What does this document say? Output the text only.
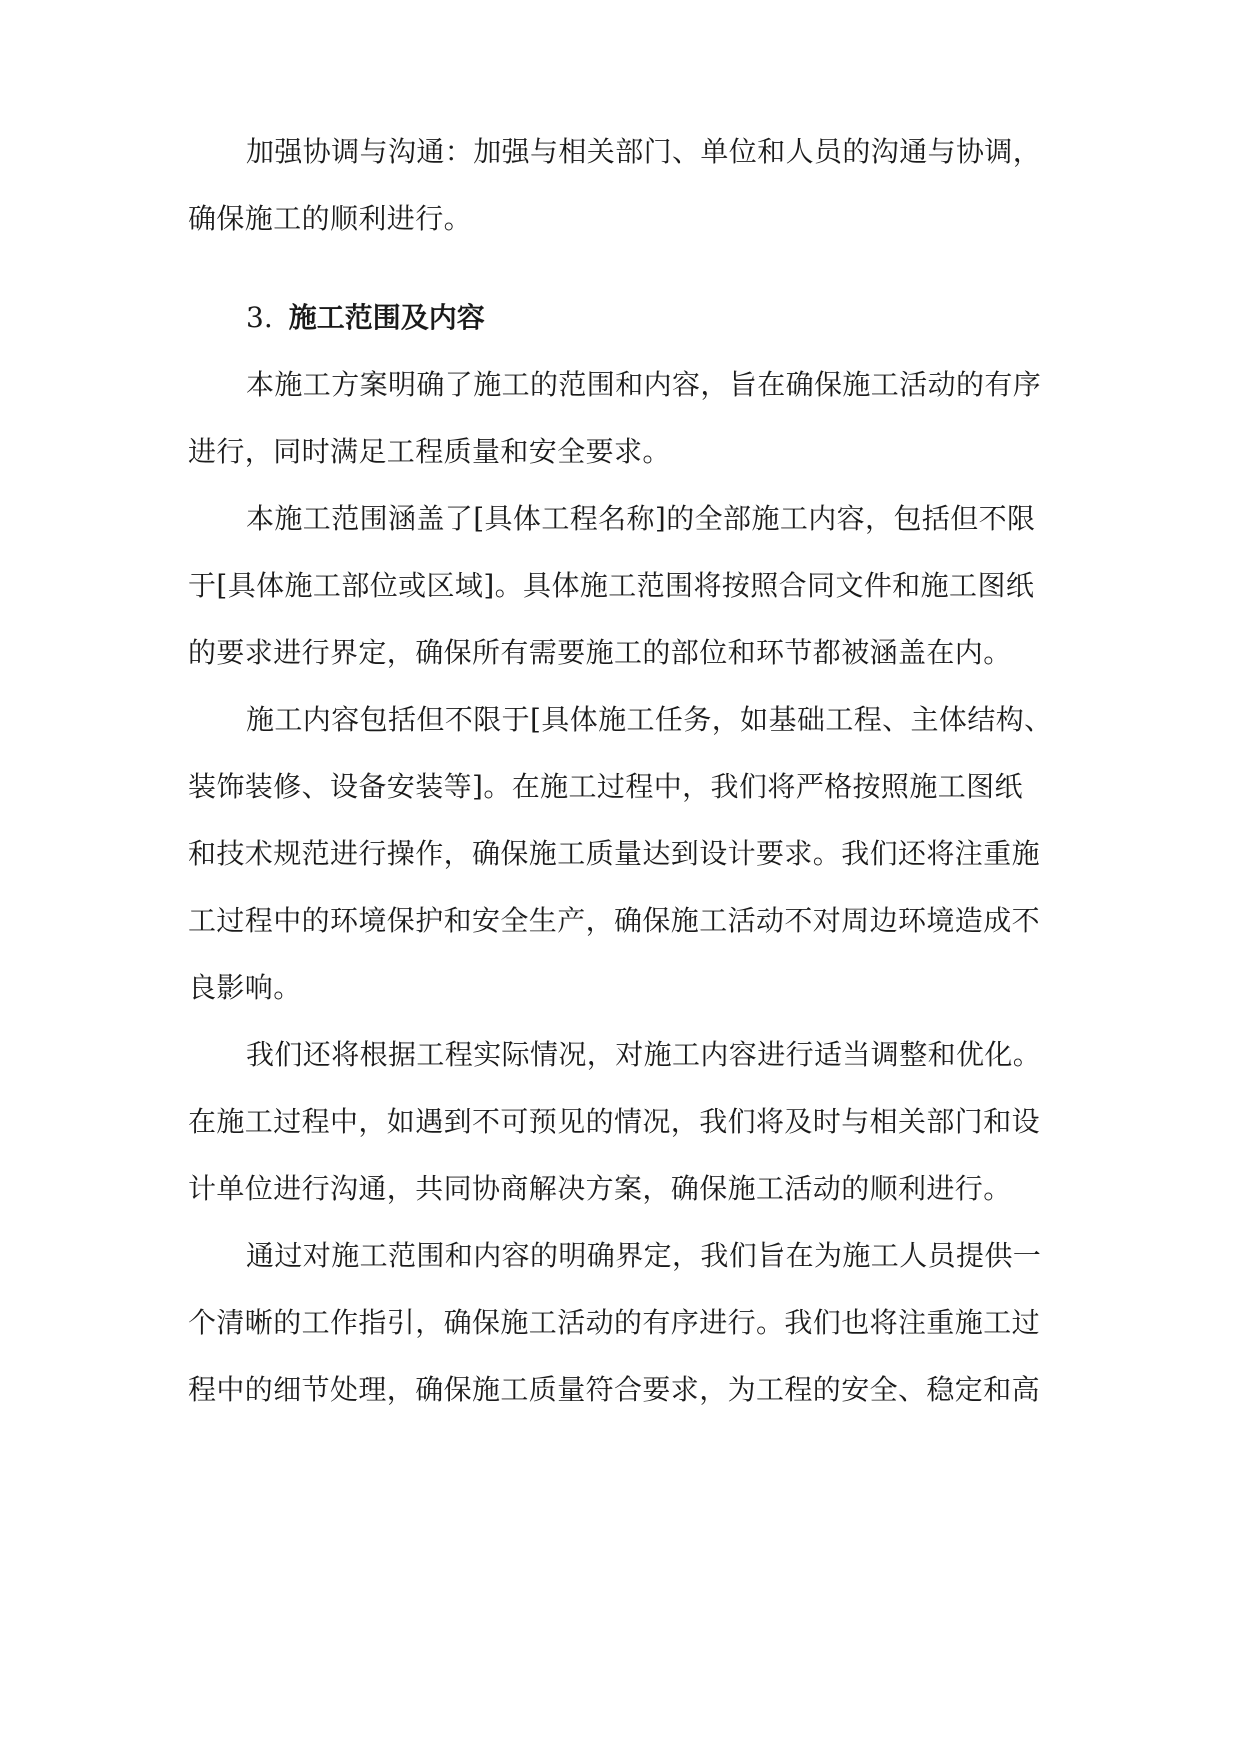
加强协调与沟通：加强与相关部门、单位和人员的沟通与协调，
确保施工的顺利进行。
3. 施工范围及内容
本施工方案明确了施工的范围和内容，旨在确保施工活动的有序
进行，同时满足工程质量和安全要求。
本施工范围涵盖了[具体工程名称]的全部施工内容，包括但不限
于[具体施工部位或区域]。具体施工范围将按照合同文件和施工图纸
的要求进行界定，确保所有需要施工的部位和环节都被涵盖在内。
施工内容包括但不限于[具体施工任务，如基础工程、主体结构、
装饰装修、设备安装等]。在施工过程中，我们将严格按照施工图纸
和技术规范进行操作，确保施工质量达到设计要求。我们还将注重施
工过程中的环境保护和安全生产，确保施工活动不对周边环境造成不
良影响。
我们还将根据工程实际情况，对施工内容进行适当调整和优化。
在施工过程中，如遇到不可预见的情况，我们将及时与相关部门和设
计单位进行沟通，共同协商解决方案，确保施工活动的顺利进行。
通过对施工范围和内容的明确界定，我们旨在为施工人员提供一
个清晰的工作指引，确保施工活动的有序进行。我们也将注重施工过
程中的细节处理，确保施工质量符合要求，为工程的安全、稳定和高
